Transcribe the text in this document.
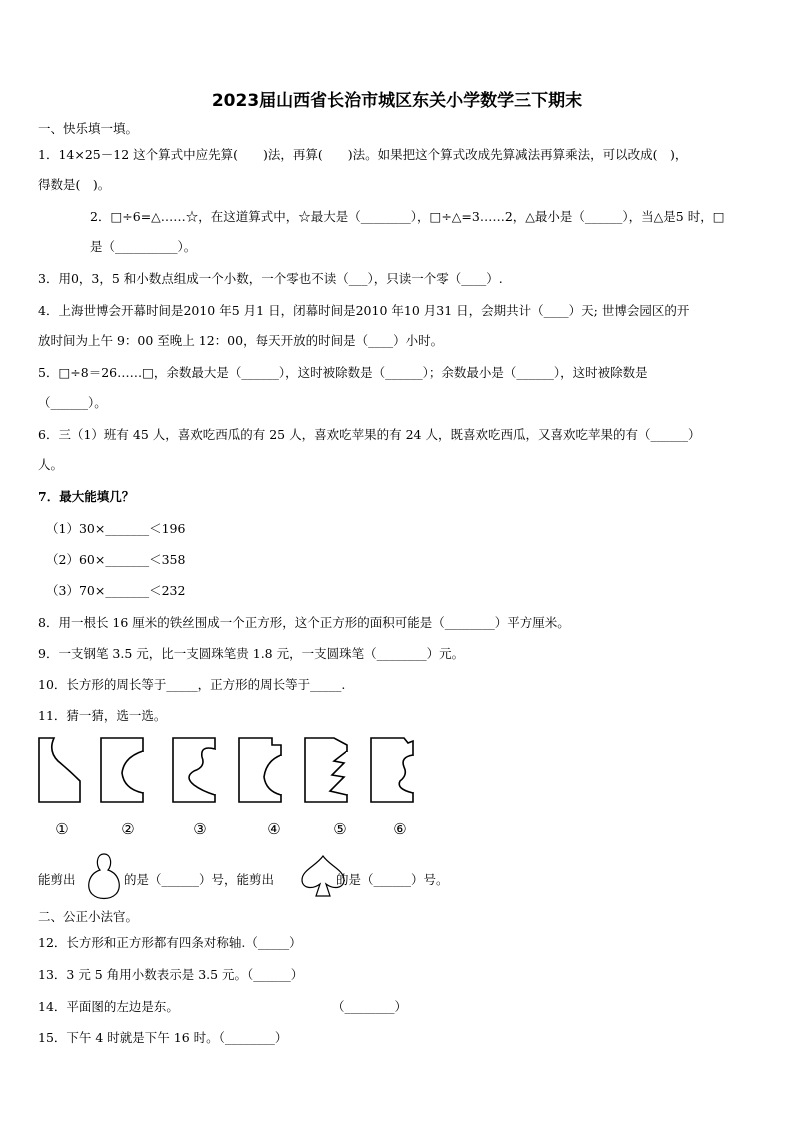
2023届山西省长治市城区东关小学数学三下期末
一、快乐填一填。
1．14×25－12 这个算式中应先算(　　)法，再算(　　)法。如果把这个算式改成先算减法再算乘法，可以改成(　)，
得数是(　)。
2．□÷6=△……☆，在这道算式中，☆最大是（________），□÷△=3……2，△最小是（______），当△是5 时，□
是（__________）。
3．用0，3，5 和小数点组成一个小数，一个零也不读（___），只读一个零（____）.
4．上海世博会开幕时间是2010 年5 月1 日，闭幕时间是2010 年10 月31 日，会期共计（____）天; 世博会园区的开
放时间为上午 9：00 至晚上 12：00，每天开放的时间是（____）小时。
5．□÷8＝26……□，余数最大是（______），这时被除数是（______）；余数最小是（______），这时被除数是
（______）。
6．三（1）班有 45 人，喜欢吃西瓜的有 25 人，喜欢吃苹果的有 24 人，既喜欢吃西瓜，又喜欢吃苹果的有（______）
人。
7．最大能填几？
（1）30×_______＜196
（2）60×_______＜358
（3）70×_______＜232
8．用一根长 16 厘米的铁丝围成一个正方形，这个正方形的面积可能是（________）平方厘米。
9．一支钢笔 3.5 元，比一支圆珠笔贵 1.8 元，一支圆珠笔（________）元。
10．长方形的周长等于_____，正方形的周长等于_____.
11．猜一猜，选一选。
①	②	③	④	⑤	⑥
能剪出	的是（______）号，能剪出	的是（______）号。
二、公正小法官。
12．长方形和正方形都有四条对称轴.（_____）
13．3 元 5 角用小数表示是 3.5 元。（______）
14．平面图的左边是东。	（________）
15．下午 4 时就是下午 16 时。（________）
